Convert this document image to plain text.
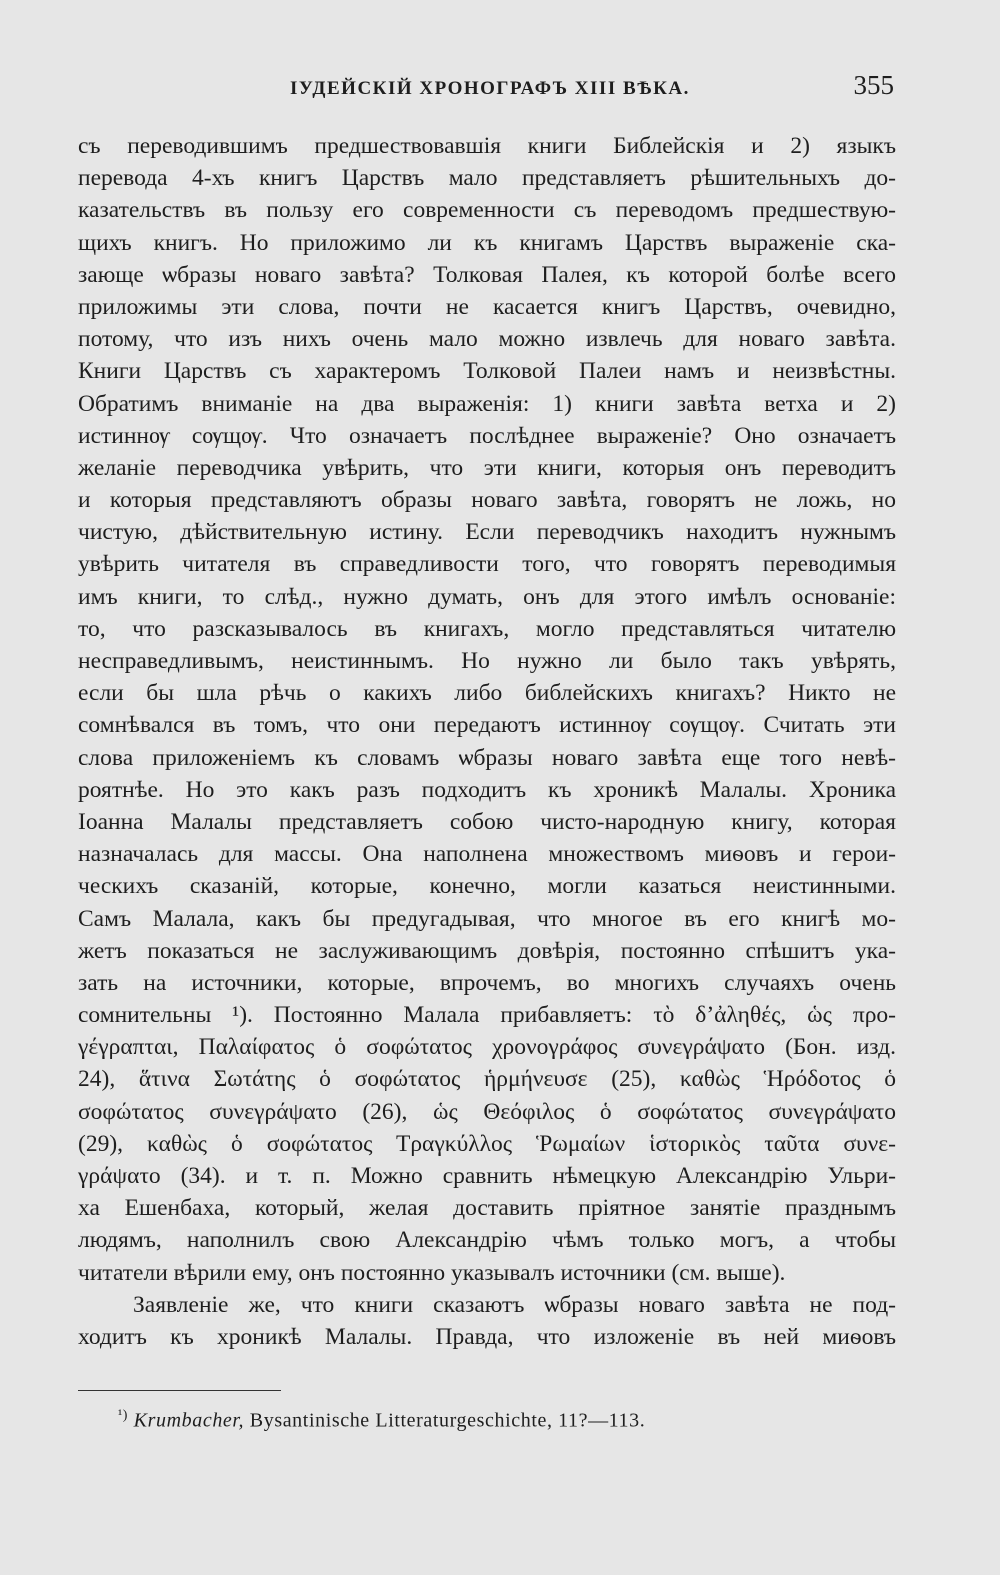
ІУДЕЙСКІЙ ХРОНОГРАФЪ XIII ВѢКА.	355
съ переводившимъ предшествовавшія книги Библейскія и 2) языкъ
перевода 4-хъ книгъ Царствъ мало представляетъ рѣшительныхъ до-
казательствъ въ пользу его современности съ переводомъ предшествую-
щихъ книгъ. Но приложимо ли къ книгамъ Царствъ выраженіе ска-
зающе ѡбразы новаго завѣта? Толковая Палея, къ которой болѣе всего
приложимы эти слова, почти не касается книгъ Царствъ, очевидно,
потому, что изъ нихъ очень мало можно извлечь для новаго завѣта.
Книги Царствъ съ характеромъ Толковой Палеи намъ и неизвѣстны.
Обратимъ вниманіе на два выраженія: 1) книги завѣта ветха и 2)
истиннѹ сѹщѹ. Что означаетъ послѣднее выраженіе? Оно означаетъ
желаніе переводчика увѣрить, что эти книги, которыя онъ переводитъ
и которыя представляютъ образы новаго завѣта, говорятъ не ложь, но
чистую, дѣйствительную истину. Если переводчикъ находитъ нужнымъ
увѣрить читателя въ справедливости того, что говорятъ переводимыя
имъ книги, то слѣд., нужно думать, онъ для этого имѣлъ основаніе:
то, что разсказывалось въ книгахъ, могло представляться читателю
несправедливымъ, неистиннымъ. Но нужно ли было такъ увѣрять,
если бы шла рѣчь о какихъ либо библейскихъ книгахъ? Никто не
сомнѣвался въ томъ, что они передаютъ истиннѹ сѹщѹ. Считать эти
слова приложеніемъ къ словамъ ѡбразы новаго завѣта еще того невѣ-
роятнѣе. Но это какъ разъ подходитъ къ хроникѣ Малалы. Хроника
Іоанна Малалы представляетъ собою чисто-народную книгу, которая
назначалась для массы. Она наполнена множествомъ миѳовъ и герои-
ческихъ сказаній, которые, конечно, могли казаться неистинными.
Самъ Малала, какъ бы предугадывая, что многое въ его книгѣ мо-
жетъ показаться не заслуживающимъ довѣрія, постоянно спѣшитъ ука-
зать на источники, которые, впрочемъ, во многихъ случаяхъ очень
сомнительны ¹). Постоянно Малала прибавляетъ: τὸ δ’ἀληθές, ὡς προ-
γέγραπται, Παλαίφατος ὁ σοφώτατος χρονογράφος συνεγράψατο (Бон. изд.
24), ἅτινα Σωτάτης ὁ σοφώτατος ἡρμήνευσε (25), καθὼς Ἡρόδοτος ὁ
σοφώτατος συνεγράψατο (26), ὡς Θεόφιλος ὁ σοφώτατος συνεγράψατο
(29), καθὼς ὁ σοφώτατος Τραγκύλλος Ῥωμαίων ἱστορικὸς ταῦτα συνε-
γράψατο (34). и т. п. Можно сравнить нѣмецкую Александрію Ульри-
ха Ешенбаха, который, желая доставить пріятное занятіе празднымъ
людямъ, наполнилъ свою Александрію чѣмъ только могъ, а чтобы
читатели вѣрили ему, онъ постоянно указывалъ источники (см. выше).
Заявленіе же, что книги сказаютъ ѡбразы новаго завѣта не под-
ходитъ къ хроникѣ Малалы. Правда, что изложеніе въ ней миѳовъ
$^{^1)}$ Krumbacher, Bysantinische Litteraturgeschichte, 11?—113.
